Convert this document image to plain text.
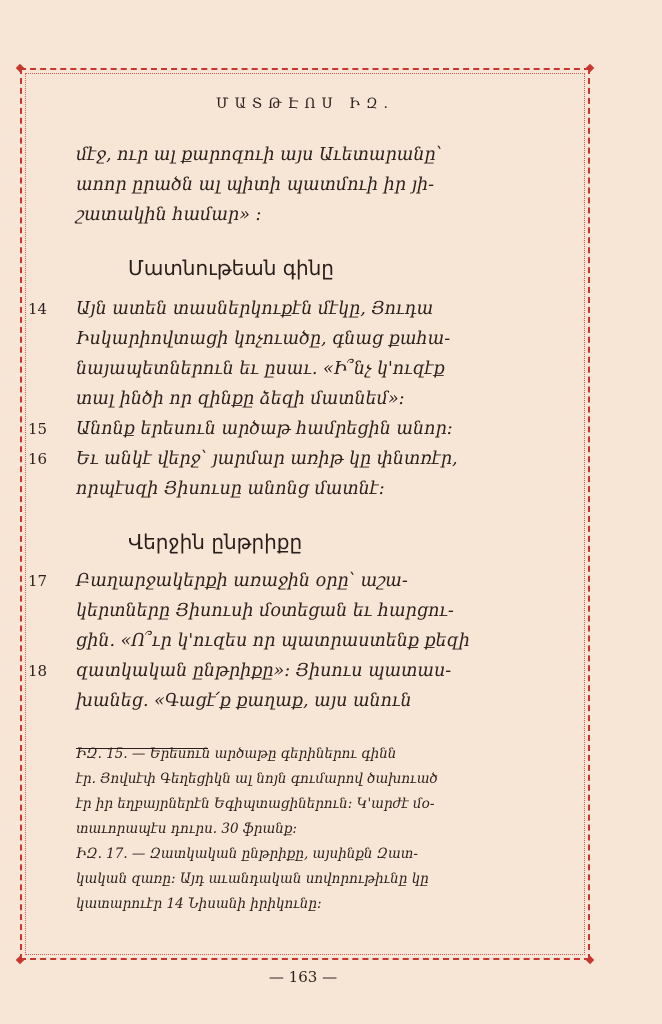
ՄԱՏԹԷՈՍ ԻԶ.
մէջ, ուր ալ քարոզուի այս Աւետարանը՝
աոոր ըրածն ալ պիտի պատմուի իր յի-
շատակին համար» :
Մատնութեան գինը
14 Այն ատեն տասներկուքէն մէկը, Յուդա
Իսկարիովտացի կոչուածը, գնաց քահա-
նայապետներուն եւ ըսաւ. «Ի՞նչ կ'ուզէք
տալ ինծի որ զինքը ձեզի մատնեմ»:
15 Անոնք երեսուն արծաթ համրեցին անոր:
16 Եւ անկէ վերջ՝ յարմար առիթ կը փնտռէր,
որպէսզի Յիսուսը անոնց մատնէ:
Վերջին ընթրիքը
17 Բաղարջակերքի առաջին օրը՝ աշա-
կերտները Յիսուսի մօտեցան եւ հարցու-
ցին. «Ո՞ւր կ'ուզես որ պատրաստենք քեզի
18 զատկական ընթրիքը»: Յիսուս պատաս-
խանեց. «Գացէ՛ք քաղաք, այս անուն
ԻԶ. 15. — Երեսուն արծաթը գերիներու գինն
էր. Յովսէփ Գեղեցիկն ալ նոյն գումարով ծախուած
էր իր եղբայրներէն Եգիպտացիներուն: Կ'արժէ մօ-
տաւորապէս դուրս. 30 ֆրանք:
ԻԶ. 17. — Զատկական ընթրիքը, այսինքն Զատ-
կական զառը: Այդ աւանդական սովորութիւնը կը
կատարուէր 14 Նիսանի իրիկունը:
— 163 —
